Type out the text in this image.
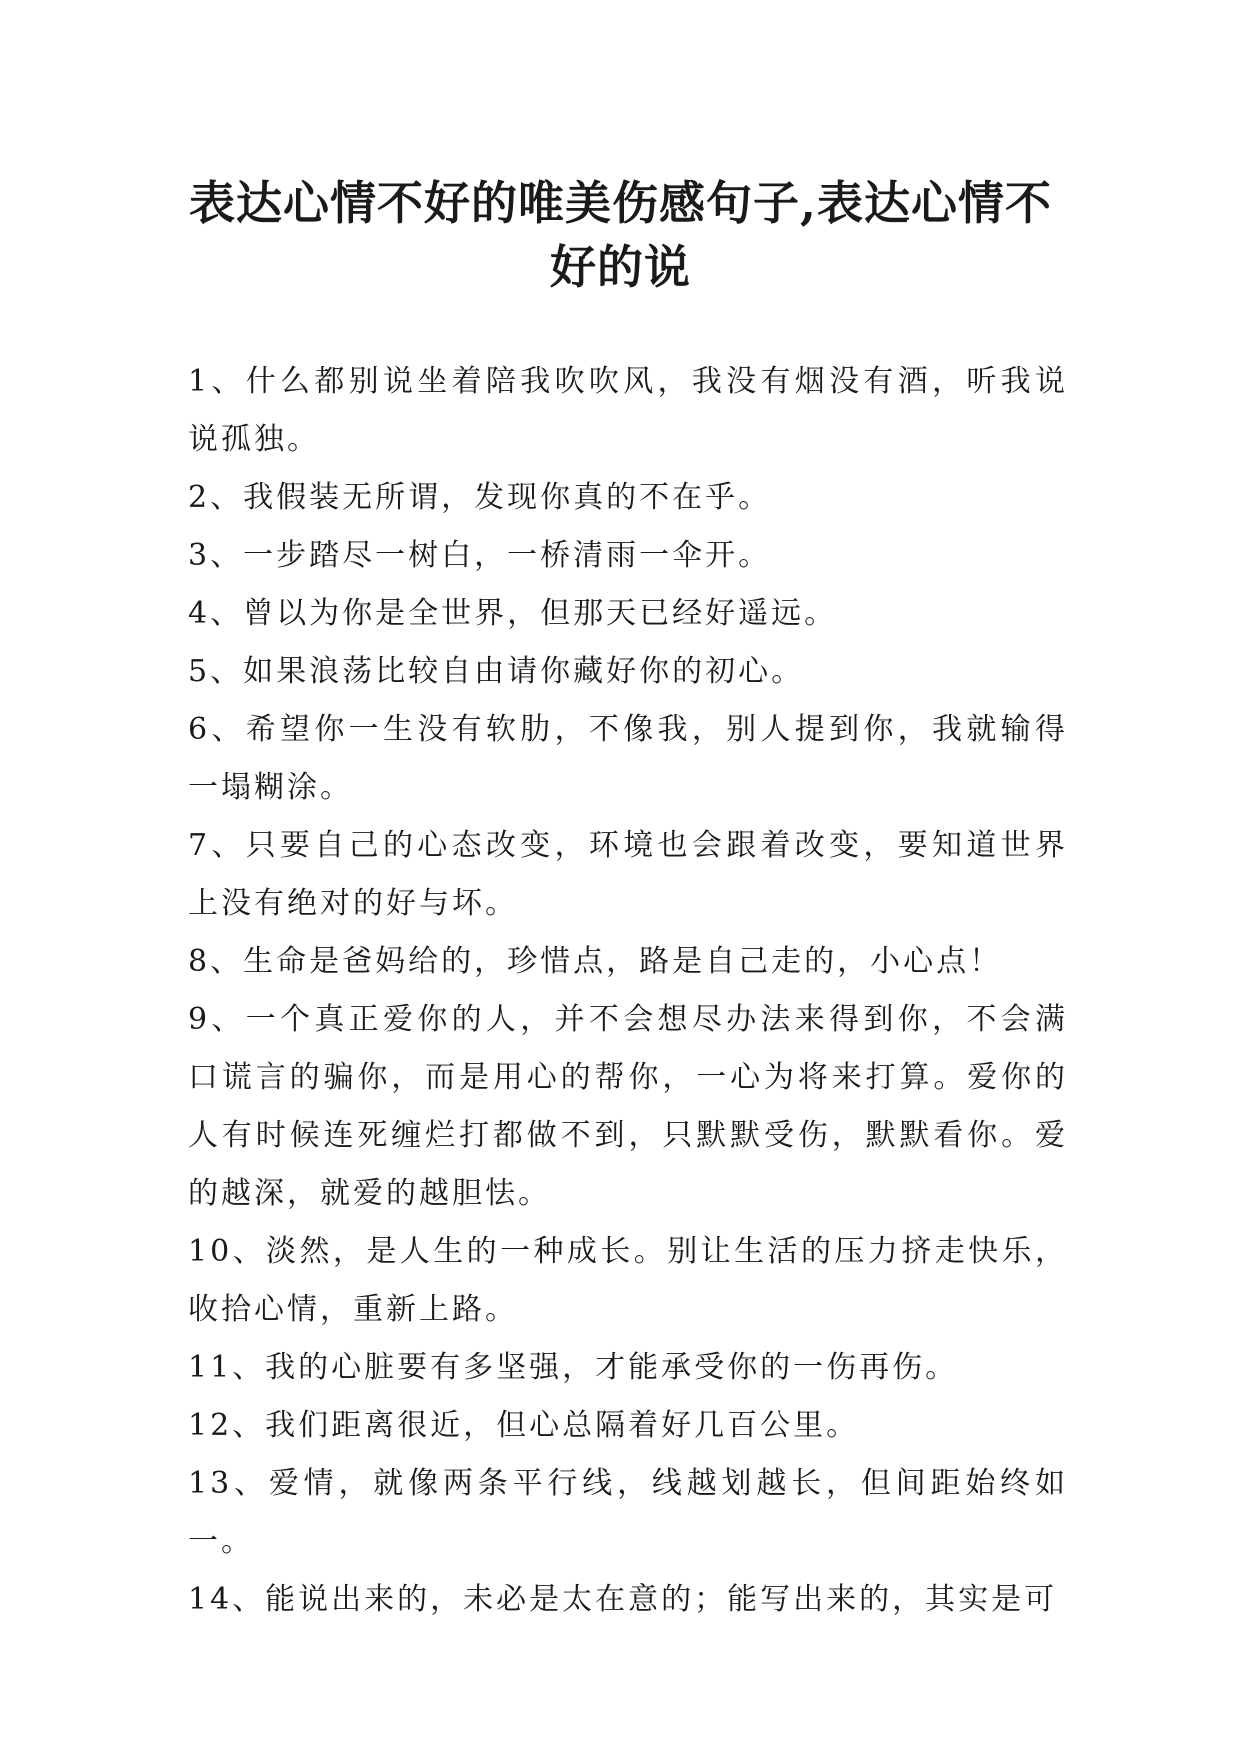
表达心情不好的唯美伤感句子,表达心情不
好的说
1、什么都别说坐着陪我吹吹风，我没有烟没有酒，听我说说孤独。
2、我假装无所谓，发现你真的不在乎。
3、一步踏尽一树白，一桥清雨一伞开。
4、曾以为你是全世界，但那天已经好遥远。
5、如果浪荡比较自由请你藏好你的初心。
6、希望你一生没有软肋，不像我，别人提到你，我就输得一塌糊涂。
7、只要自己的心态改变，环境也会跟着改变，要知道世界上没有绝对的好与坏。
8、生命是爸妈给的，珍惜点，路是自己走的，小心点！
9、一个真正爱你的人，并不会想尽办法来得到你，不会满口谎言的骗你，而是用心的帮你，一心为将来打算。爱你的人有时候连死缠烂打都做不到，只默默受伤，默默看你。爱的越深，就爱的越胆怯。
10、淡然，是人生的一种成长。别让生活的压力挤走快乐，收拾心情，重新上路。
11、我的心脏要有多坚强，才能承受你的一伤再伤。
12、我们距离很近，但心总隔着好几百公里。
13、爱情，就像两条平行线，线越划越长，但间距始终如一。
14、能说出来的，未必是太在意的；能写出来的，其实是可
